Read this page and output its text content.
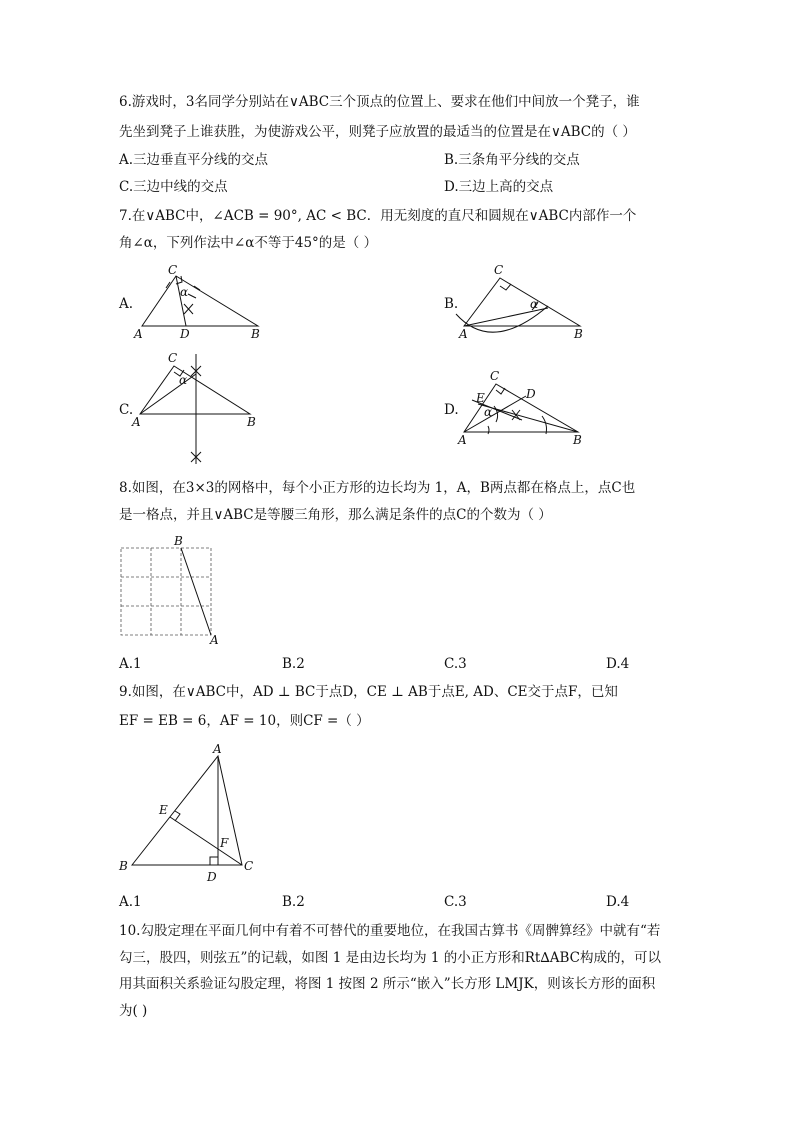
6.游戏时，3名同学分别站在∨ABC三个顶点的位置上、要求在他们中间放一个凳子，谁
先坐到凳子上谁获胜，为使游戏公平，则凳子应放置的最适当的位置是在∨ABC的（ ）
A.三边垂直平分线的交点	B.三条角平分线的交点
C.三边中线的交点	D.三边上高的交点
7.在∨ABC中，∠ACB = 90°, AC < BC．用无刻度的直尺和圆规在∨ABC内部作一个
角∠α，下列作法中∠α不等于45°的是（ ）
A.	B.
C.	D.
C
α
A	D	B
C
α
A	B
C
α
A	B
C
D
E
α
A	B
8.如图，在3×3的网格中，每个小正方形的边长均为 1，A，B两点都在格点上，点C也
是一格点，并且∨ABC是等腰三角形，那么满足条件的点C的个数为（ ）
B
A
A.1	B.2	C.3	D.4
9.如图，在∨ABC中，AD ⊥ BC于点D，CE ⊥ AB于点E, AD、CE交于点F，已知
EF = EB = 6，AF = 10，则CF =（ ）
A
E
F
B
D
C
A.1	B.2	C.3	D.4
10.勾股定理在平面几何中有着不可替代的重要地位，在我国古算书《周髀算经》中就有“若
勾三，股四，则弦五”的记载，如图 1 是由边长均为 1 的小正方形和Rt∆ABC构成的，可以
用其面积关系验证勾股定理，将图 1 按图 2 所示“嵌入”长方形 LMJK，则该长方形的面积
为( )
